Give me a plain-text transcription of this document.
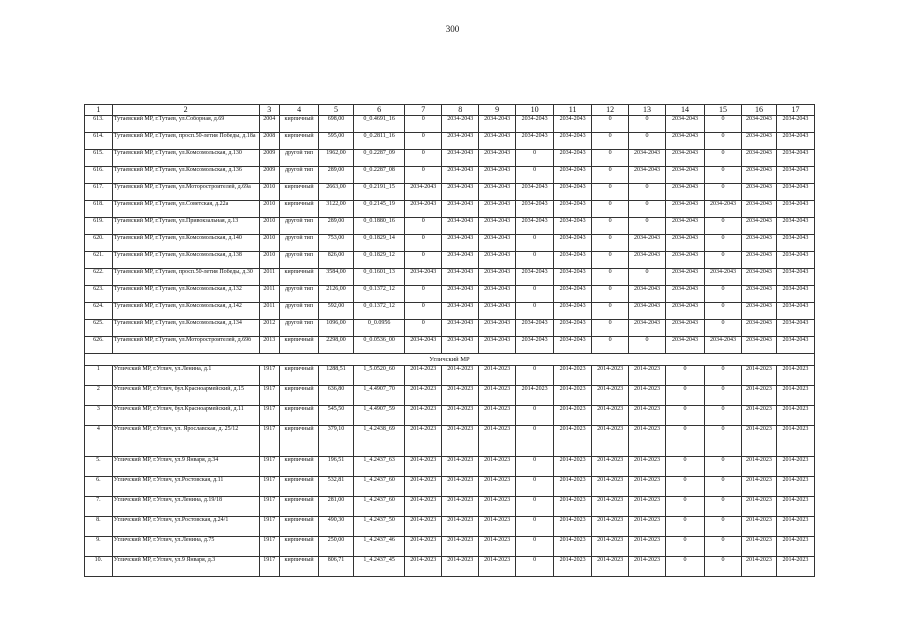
300
1	2	3	4	5	6	7	8	9	10	11	12	13	14	15	16	17
613.	Тутаевский МР, г.Тутаев, ул.Соборная, д.69	2004	кирпичный	698,00	0_0.4691_16	0	2034-2043	2034-2043	2034-2043	2034-2043	0	0	2034-2043	0	2034-2043	2034-2043
614.	Тутаевский МР, г.Тутаев, просп.50-летия Победы, д.18а	2008	кирпичный	595,00	0_0.2811_16	0	2034-2043	2034-2043	2034-2043	2034-2043	0	0	2034-2043	0	2034-2043	2034-2043
615.	Тутаевский МР, г.Тутаев, ул.Комсомольская, д.130	2009	другой тип	1962,00	0_0.2287_09	0	2034-2043	2034-2043	0	2034-2043	0	2034-2043	2034-2043	0	2034-2043	2034-2043
616.	Тутаевский МР, г.Тутаев, ул.Комсомольская, д.136	2009	другой тип	289,00	0_0.2287_08	0	2034-2043	2034-2043	0	2034-2043	0	2034-2043	2034-2043	0	2034-2043	2034-2043
617.	Тутаевский МР, г.Тутаев, ул.Моторостроителей, д.69а	2010	кирпичный	2663,00	0_0.2191_15	2034-2043	2034-2043	2034-2043	2034-2043	2034-2043	0	0	2034-2043	0	2034-2043	2034-2043
618.	Тутаевский МР, г.Тутаев, ул.Советская, д.22а	2010	кирпичный	3122,00	0_0.2145_19	2034-2043	2034-2043	2034-2043	2034-2043	2034-2043	0	0	2034-2043	2034-2043	2034-2043	2034-2043
619.	Тутаевский МР, г.Тутаев, ул.Привокзальная, д.13	2010	другой тип	289,00	0_0.1880_16	0	2034-2043	2034-2043	2034-2043	2034-2043	0	0	2034-2043	0	2034-2043	2034-2043
620.	Тутаевский МР, г.Тутаев, ул.Комсомольская, д.140	2010	другой тип	753,00	0_0.1829_14	0	2034-2043	2034-2043	0	2034-2043	0	2034-2043	2034-2043	0	2034-2043	2034-2043
621.	Тутаевский МР, г.Тутаев, ул.Комсомольская, д.138	2010	другой тип	826,00	0_0.1829_12	0	2034-2043	2034-2043	0	2034-2043	0	2034-2043	2034-2043	0	2034-2043	2034-2043
622.	Тутаевский МР, г.Тутаев, просп.50-летия Победы, д.30	2011	кирпичный	3584,00	0_0.1601_13	2034-2043	2034-2043	2034-2043	2034-2043	2034-2043	0	0	2034-2043	2034-2043	2034-2043	2034-2043
623.	Тутаевский МР, г.Тутаев, ул.Комсомольская, д.132	2011	другой тип	2126,00	0_0.1372_12	0	2034-2043	2034-2043	0	2034-2043	0	2034-2043	2034-2043	0	2034-2043	2034-2043
624.	Тутаевский МР, г.Тутаев, ул.Комсомольская, д.142	2011	другой тип	592,00	0_0.1372_12	0	2034-2043	2034-2043	0	2034-2043	0	2034-2043	2034-2043	0	2034-2043	2034-2043
625.	Тутаевский МР, г.Тутаев, ул.Комсомольская, д.134	2012	другой тип	1096,00	0_0.0956	0	2034-2043	2034-2043	2034-2043	2034-2043	0	2034-2043	2034-2043	0	2034-2043	2034-2043
626.	Тутаевский МР, г.Тутаев, ул.Моторостроителей, д.69б	2013	кирпичный	2298,00	0_0.0536_00	2034-2043	2034-2043	2034-2043	2034-2043	2034-2043	0	0	2034-2043	2034-2043	2034-2043	2034-2043
Угличский МР																
1	Угличский МР, г.Углич, ул.Ленина, д.1	1917	кирпичный	1288,51	1_5.0520_60	2014-2023	2014-2023	2014-2023	0	2014-2023	2014-2023	2014-2023	0	0	2014-2023	2014-2023
2	Угличский МР, г.Углич, бул.Красноармейский, д.15	1917	кирпичный	636,80	1_4.4907_70	2014-2023	2014-2023	2014-2023	2014-2023	2014-2023	2014-2023	2014-2023	0	0	2014-2023	2014-2023
3	Угличский МР, г.Углич, бул.Красноармейский, д.11	1917	кирпичный	545,50	1_4.4907_59	2014-2023	2014-2023	2014-2023	0	2014-2023	2014-2023	2014-2023	0	0	2014-2023	2014-2023
4	Угличский МР, г.Углич, ул. Ярославская, д. 25/12	1917	кирпичный	379,10	1_4.2438_69	2014-2023	2014-2023	2014-2023	0	2014-2023	2014-2023	2014-2023	0	0	2014-2023	2014-2023
5.	Угличский МР, г.Углич, ул.9 Января, д.34	1917	кирпичный	196,51	1_4.2437_63	2014-2023	2014-2023	2014-2023	0	2014-2023	2014-2023	2014-2023	0	0	2014-2023	2014-2023
6.	Угличский МР, г.Углич, ул.Ростовская, д.11	1917	кирпичный	532,81	1_4.2437_60	2014-2023	2014-2023	2014-2023	0	2014-2023	2014-2023	2014-2023	0	0	2014-2023	2014-2023
7.	Угличский МР, г.Углич, ул.Ленина, д.19/18	1917	кирпичный	281,00	1_4.2437_60	2014-2023	2014-2023	2014-2023	0	2014-2023	2014-2023	2014-2023	0	0	2014-2023	2014-2023
8.	Угличский МР, г.Углич, ул.Ростовская, д.24/1	1917	кирпичный	490,30	1_4.2437_50	2014-2023	2014-2023	2014-2023	0	2014-2023	2014-2023	2014-2023	0	0	2014-2023	2014-2023
9.	Угличский МР, г.Углич, ул.Ленина, д.75	1917	кирпичный	250,00	1_4.2437_46	2014-2023	2014-2023	2014-2023	0	2014-2023	2014-2023	2014-2023	0	0	2014-2023	2014-2023
10.	Угличский МР, г.Углич, ул.9 Января, д.3	1917	кирпичный	806,71	1_4.2437_45	2014-2023	2014-2023	2014-2023	0	2014-2023	2014-2023	2014-2023	0	0	2014-2023	2014-2023
